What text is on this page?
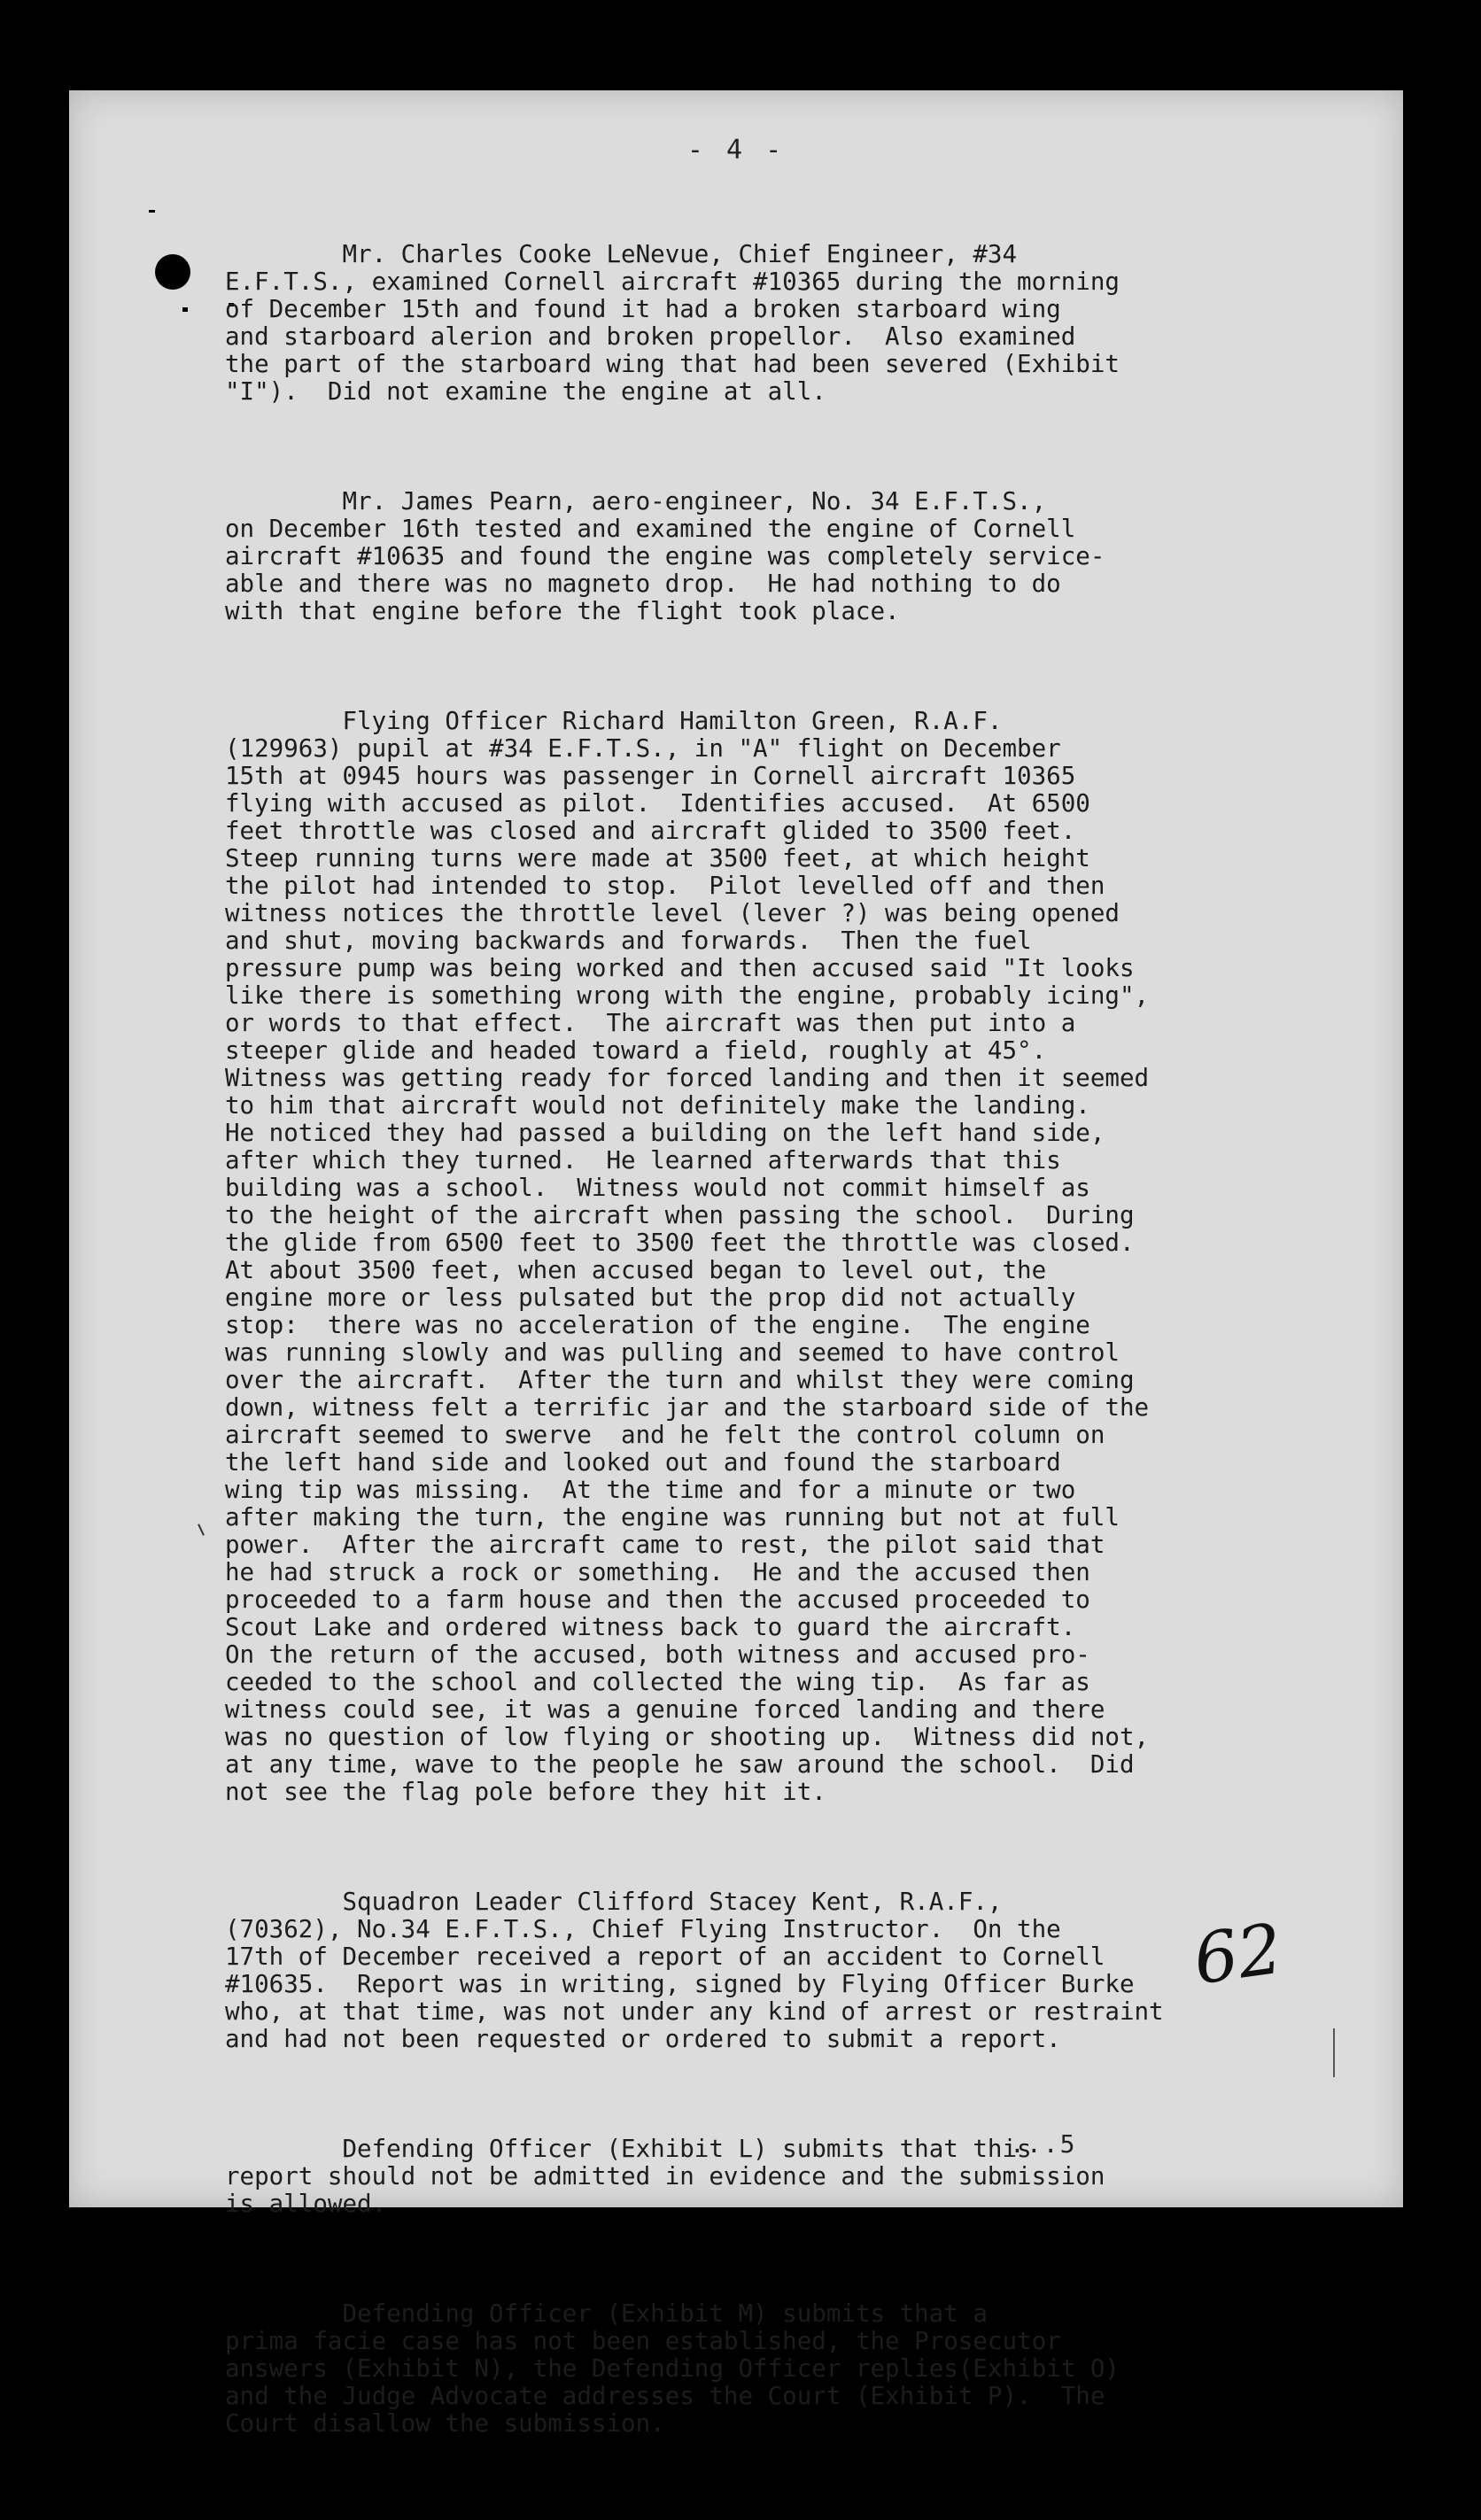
- 4 -

Mr. Charles Cooke LeNevue, Chief Engineer, #34
E.F.T.S., examined Cornell aircraft #10365 during the morning
of December 15th and found it had a broken starboard wing
and starboard alerion and broken propellor.  Also examined
the part of the starboard wing that had been severed (Exhibit
"I").  Did not examine the engine at all.

Mr. James Pearn, aero-engineer, No. 34 E.F.T.S.,
on December 16th tested and examined the engine of Cornell
aircraft #10635 and found the engine was completely service-
able and there was no magneto drop.  He had nothing to do
with that engine before the flight took place.

Flying Officer Richard Hamilton Green, R.A.F.
(129963) pupil at #34 E.F.T.S., in "A" flight on December
15th at 0945 hours was passenger in Cornell aircraft 10365
flying with accused as pilot.  Identifies accused.  At 6500
feet throttle was closed and aircraft glided to 3500 feet.
Steep running turns were made at 3500 feet, at which height
the pilot had intended to stop.  Pilot levelled off and then
witness notices the throttle level (lever ?) was being opened
and shut, moving backwards and forwards.  Then the fuel
pressure pump was being worked and then accused said "It looks
like there is something wrong with the engine, probably icing",
or words to that effect.  The aircraft was then put into a
steeper glide and headed toward a field, roughly at 45°.
Witness was getting ready for forced landing and then it seemed
to him that aircraft would not definitely make the landing.
He noticed they had passed a building on the left hand side,
after which they turned.  He learned afterwards that this
building was a school.  Witness would not commit himself as
to the height of the aircraft when passing the school.  During
the glide from 6500 feet to 3500 feet the throttle was closed.
At about 3500 feet, when accused began to level out, the
engine more or less pulsated but the prop did not actually
stop:  there was no acceleration of the engine.  The engine
was running slowly and was pulling and seemed to have control
over the aircraft.  After the turn and whilst they were coming
down, witness felt a terrific jar and the starboard side of the
aircraft seemed to swerve  and he felt the control column on
the left hand side and looked out and found the starboard
wing tip was missing.  At the time and for a minute or two
after making the turn, the engine was running but not at full
power.  After the aircraft came to rest, the pilot said that
he had struck a rock or something.  He and the accused then
proceeded to a farm house and then the accused proceeded to
Scout Lake and ordered witness back to guard the aircraft.
On the return of the accused, both witness and accused pro-
ceeded to the school and collected the wing tip.  As far as
witness could see, it was a genuine forced landing and there
was no question of low flying or shooting up.  Witness did not,
at any time, wave to the people he saw around the school.  Did
not see the flag pole before they hit it.

Squadron Leader Clifford Stacey Kent, R.A.F.,
(70362), No.34 E.F.T.S., Chief Flying Instructor.  On the
17th of December received a report of an accident to Cornell
#10635.  Report was in writing, signed by Flying Officer Burke
who, at that time, was not under any kind of arrest or restraint
and had not been requested or ordered to submit a report.

Defending Officer (Exhibit L) submits that this
report should not be admitted in evidence and the submission
is allowed.

Defending Officer (Exhibit M) submits that a
prima facie case has not been established, the Prosecutor
answers (Exhibit N), the Defending Officer replies(Exhibit O)
and the Judge Advocate addresses the Court (Exhibit P).  The
Court disallow the submission.

62
...5
